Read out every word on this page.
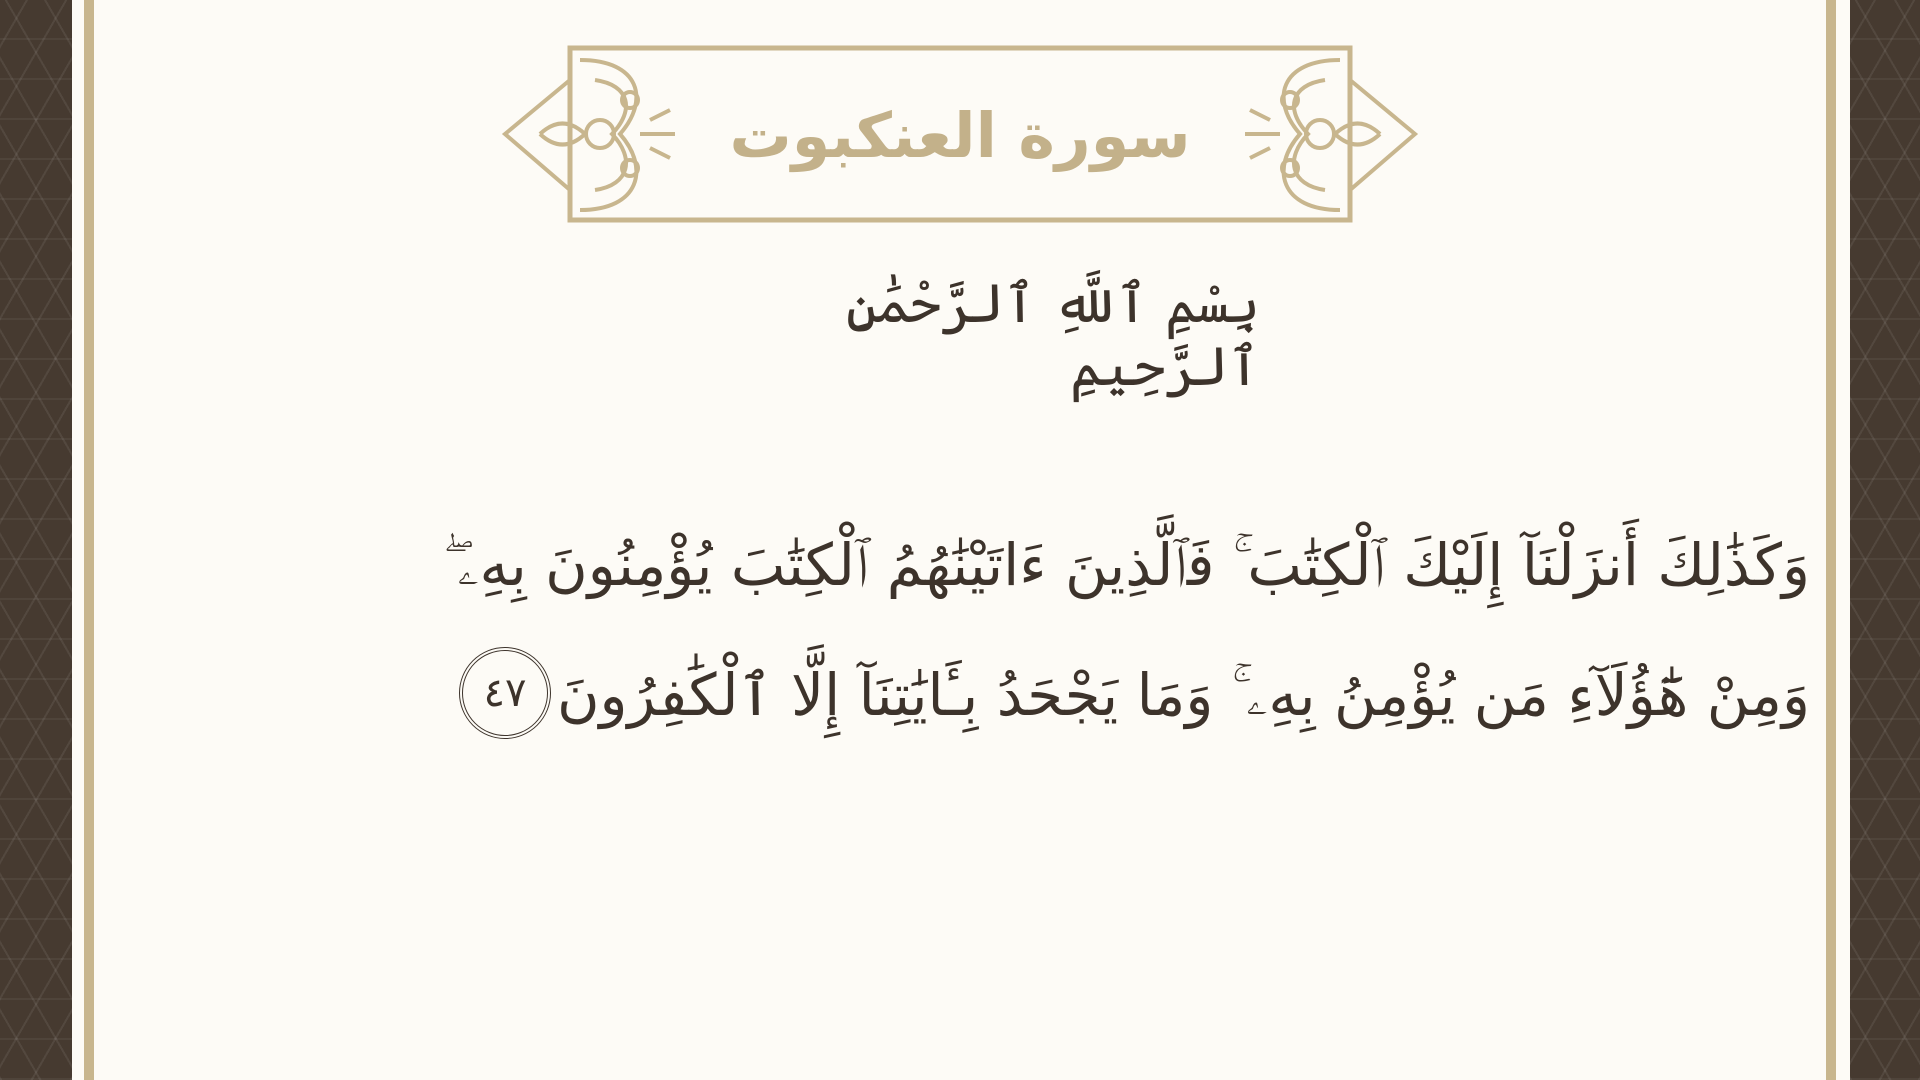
سورة العنكبوت
بِسْمِ ٱللَّهِ ٱلرَّحْمَٰنِ ٱلرَّحِيمِ
وَكَذَٰلِكَ أَنزَلْنَآ إِلَيْكَ ٱلْكِتَٰبَ ۚ فَٱلَّذِينَ ءَاتَيْنَٰهُمُ ٱلْكِتَٰبَ يُؤْمِنُونَ بِهِۦ ۖ
وَمِنْ هَٰٓؤُلَآءِ مَن يُؤْمِنُ بِهِۦ ۚ وَمَا يَجْحَدُ بِـَٔايَٰتِنَآ إِلَّا ٱلْكَٰفِرُونَ٤٧
